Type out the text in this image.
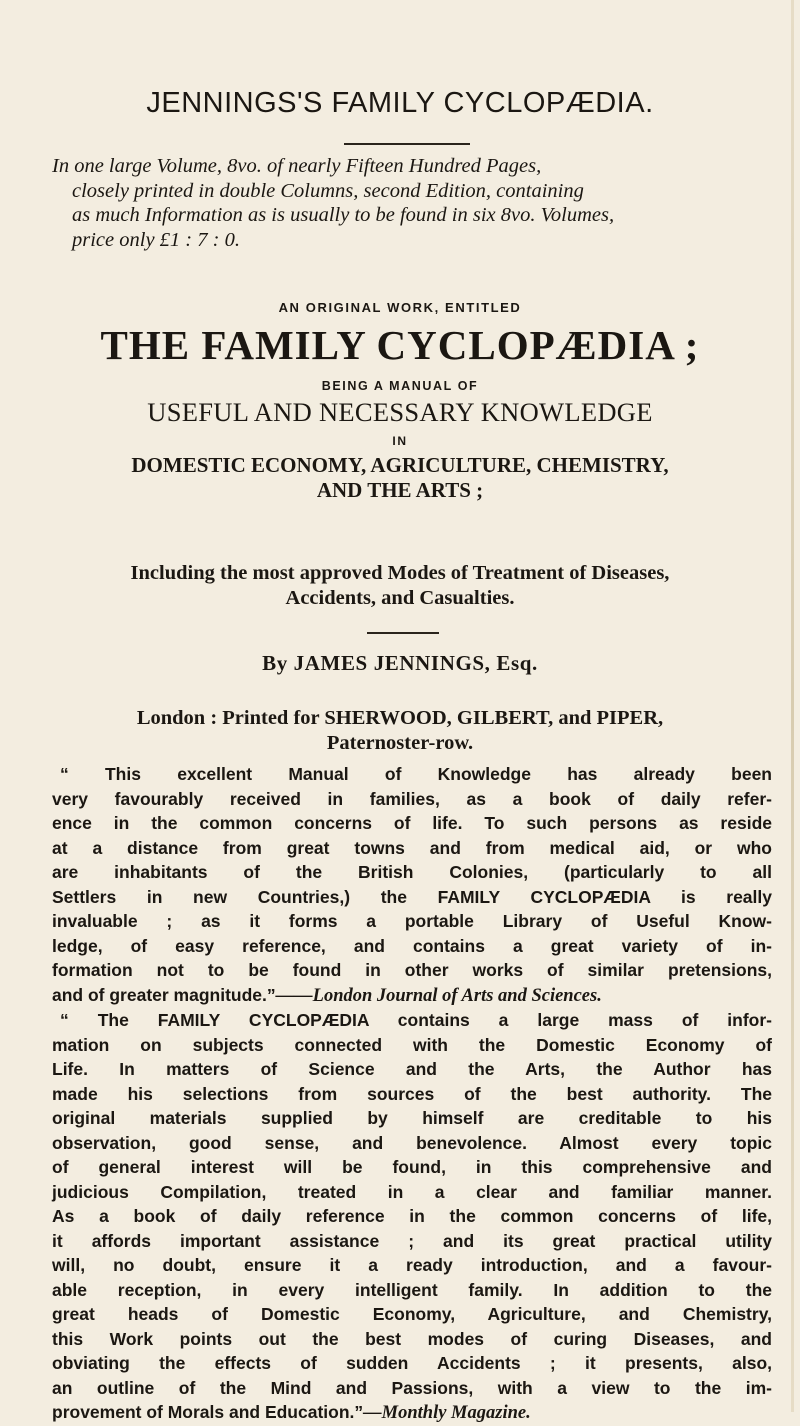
JENNINGS'S FAMILY CYCLOPÆDIA.
In one large Volume, 8vo. of nearly Fifteen Hundred Pages,
closely printed in double Columns, second Edition, containing
as much Information as is usually to be found in six 8vo. Volumes,
price only £1 : 7 : 0.
AN ORIGINAL WORK, ENTITLED
THE FAMILY CYCLOPÆDIA ;
BEING A MANUAL OF
USEFUL AND NECESSARY KNOWLEDGE
IN
DOMESTIC ECONOMY, AGRICULTURE, CHEMISTRY,
AND THE ARTS ;
Including the most approved Modes of Treatment of Diseases,
Accidents, and Casualties.
By JAMES JENNINGS, Esq.
London : Printed for SHERWOOD, GILBERT, and PIPER,
Paternoster-row.
“ This excellent Manual of Knowledge has already been
very favourably received in families, as a book of daily refer-
ence in the common concerns of life. To such persons as reside
at a distance from great towns and from medical aid, or who
are inhabitants of the British Colonies, (particularly to all
Settlers in new Countries,) the FAMILY CYCLOPÆDIA is really
invaluable ; as it forms a portable Library of Useful Know-
ledge, of easy reference, and contains a great variety of in-
formation not to be found in other works of similar pretensions,
and of greater magnitude.”——London Journal of Arts and Sciences.
“ The FAMILY CYCLOPÆDIA contains a large mass of infor-
mation on subjects connected with the Domestic Economy of
Life. In matters of Science and the Arts, the Author has
made his selections from sources of the best authority. The
original materials supplied by himself are creditable to his
observation, good sense, and benevolence. Almost every topic
of general interest will be found, in this comprehensive and
judicious Compilation, treated in a clear and familiar manner.
As a book of daily reference in the common concerns of life,
it affords important assistance ; and its great practical utility
will, no doubt, ensure it a ready introduction, and a favour-
able reception, in every intelligent family. In addition to the
great heads of Domestic Economy, Agriculture, and Chemistry,
this Work points out the best modes of curing Diseases, and
obviating the effects of sudden Accidents ; it presents, also,
an outline of the Mind and Passions, with a view to the im-
provement of Morals and Education.”—Monthly Magazine.
